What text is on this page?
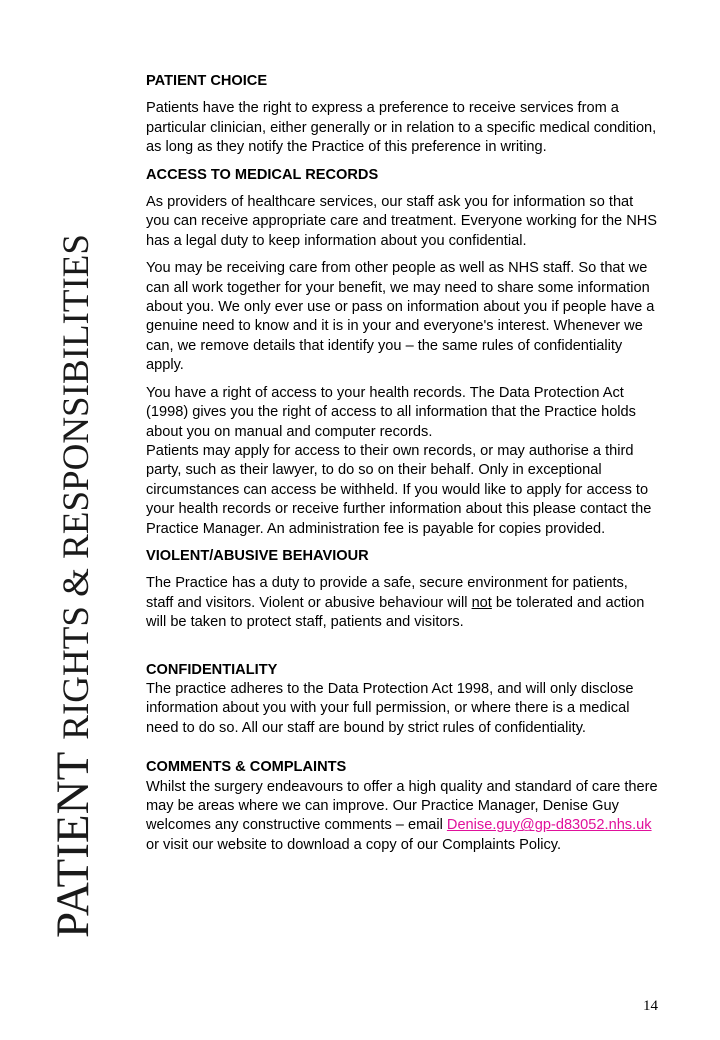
PATIENTRIGHTS & RESPONSIBILITIES
PATIENT CHOICE

Patients have the right to express a preference to receive services from a particular clinician, either generally or in relation to a specific medical condition, as long as they notify the Practice of this preference in writing.

ACCESS TO MEDICAL RECORDS

As providers of healthcare services, our staff ask you for information so that you can receive appropriate care and treatment. Everyone working for the NHS has a legal duty to keep information about you confidential.

You may be receiving care from other people as well as NHS staff. So that we can all work together for your benefit, we may need to share some information about you. We only ever use or pass on information about you if people have a genuine need to know and it is in your and everyone's interest. Whenever we can, we remove details that identify you – the same rules of confidentiality apply.

You have a right of access to your health records. The Data Protection Act (1998) gives you the right of access to all information that the Practice holds about you on manual and computer records.

Patients may apply for access to their own records, or may authorise a third party, such as their lawyer, to do so on their behalf. Only in exceptional circumstances can access be withheld. If you would like to apply for access to your health records or receive further information about this please contact the Practice Manager. An administration fee is payable for copies provided.

VIOLENT/ABUSIVE BEHAVIOUR

The Practice has a duty to provide a safe, secure environment for patients, staff and visitors. Violent or abusive behaviour will not be tolerated and action will be taken to protect staff, patients and visitors.

CONFIDENTIALITY

The practice adheres to the Data Protection Act 1998, and will only disclose information about you with your full permission, or where there is a medical need to do so. All our staff are bound by strict rules of confidentiality.

COMMENTS & COMPLAINTS

Whilst the surgery endeavours to offer a high quality and standard of care there may be areas where we can improve. Our Practice Manager, Denise Guy welcomes any constructive comments – email Denise.guy@gp-d83052.nhs.uk or visit our website to download a copy of our Complaints Policy.

14
